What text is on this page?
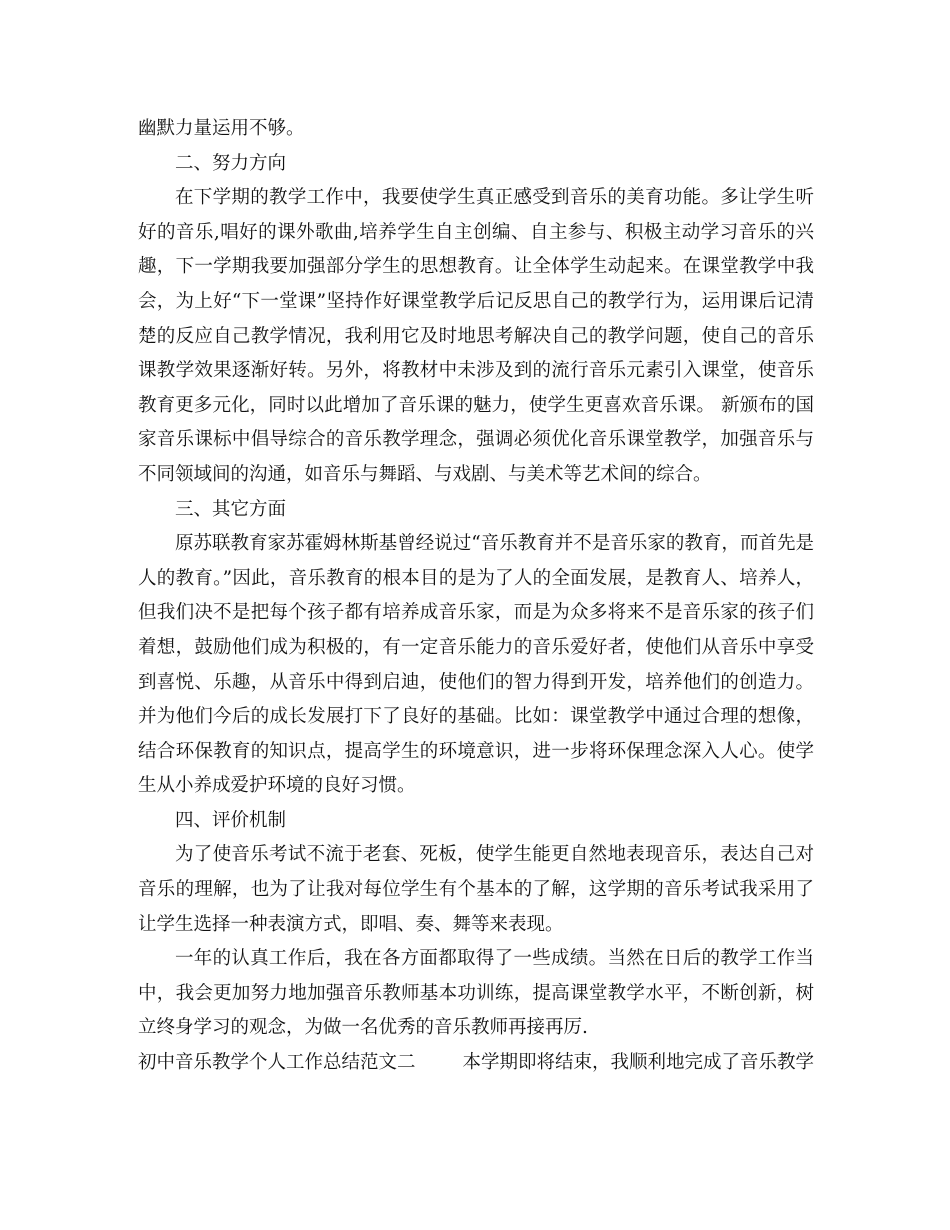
幽默力量运用不够。

二、努力方向

在下学期的教学工作中，我要使学生真正感受到音乐的美育功能。多让学生听好的音乐,唱好的课外歌曲,培养学生自主创编、自主参与、积极主动学习音乐的兴趣，下一学期我要加强部分学生的思想教育。让全体学生动起来。在课堂教学中我会，为上好“下一堂课”坚持作好课堂教学后记反思自己的教学行为，运用课后记清楚的反应自己教学情况，我利用它及时地思考解决自己的教学问题，使自己的音乐课教学效果逐渐好转。另外，将教材中未涉及到的流行音乐元素引入课堂，使音乐教育更多元化，同时以此增加了音乐课的魅力，使学生更喜欢音乐课。 新颁布的国家音乐课标中倡导综合的音乐教学理念，强调必须优化音乐课堂教学，加强音乐与不同领域间的沟通，如音乐与舞蹈、与戏剧、与美术等艺术间的综合。

三、其它方面

原苏联教育家苏霍姆林斯基曾经说过“音乐教育并不是音乐家的教育，而首先是人的教育。”因此，音乐教育的根本目的是为了人的全面发展，是教育人、培养人，但我们决不是把每个孩子都有培养成音乐家，而是为众多将来不是音乐家的孩子们着想，鼓励他们成为积极的，有一定音乐能力的音乐爱好者，使他们从音乐中享受到喜悦、乐趣，从音乐中得到启迪，使他们的智力得到开发，培养他们的创造力。并为他们今后的成长发展打下了良好的基础。比如：课堂教学中通过合理的想像，结合环保教育的知识点，提高学生的环境意识，进一步将环保理念深入人心。使学生从小养成爱护环境的良好习惯。

四、评价机制

为了使音乐考试不流于老套、死板，使学生能更自然地表现音乐，表达自己对音乐的理解，也为了让我对每位学生有个基本的了解，这学期的音乐考试我采用了让学生选择一种表演方式，即唱、奏、舞等来表现。

一年的认真工作后，我在各方面都取得了一些成绩。当然在日后的教学工作当中，我会更加努力地加强音乐教师基本功训练，提高课堂教学水平，不断创新，树立终身学习的观念，为做一名优秀的音乐教师再接再厉.

初中音乐教学个人工作总结范文二	本学期即将结束，我顺利地完成了音乐教学
